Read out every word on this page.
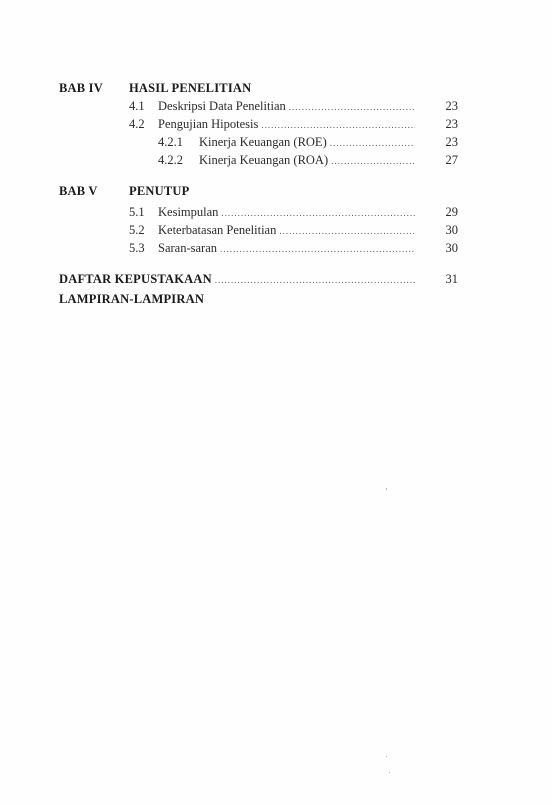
BAB IV HASIL PENELITIAN
4.1 Deskripsi Data Penelitian .....	23
4.2 Pengujian Hipotesis .....	23
4.2.1 Kinerja Keuangan (ROE) .....	23
4.2.2 Kinerja Keuangan (ROA) .....	27
BAB V	PENUTUP
5.1 Kesimpulan .....	29
5.2 Keterbatasan Penelitian .....	30
5.3 Saran-saran .....	30
DAFTAR KEPUSTAKAAN .....	31
LAMPIRAN-LAMPIRAN
